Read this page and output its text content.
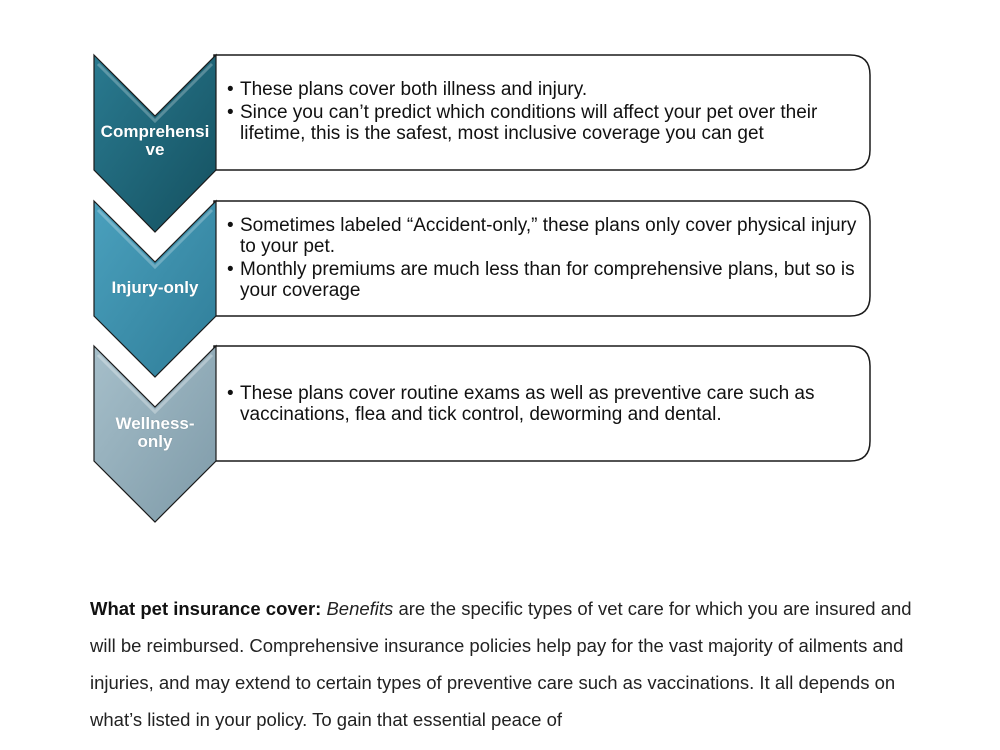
Comprehensi ve
Injury-only
Wellness-only
• These plans cover both illness and injury.
• Since you can’t predict which conditions will affect your pet over their lifetime, this is the safest, most inclusive coverage you can get
• Sometimes labeled “Accident-only,” these plans only cover physical injury to your pet.
• Monthly premiums are much less than for comprehensive plans, but so is your coverage
• These plans cover routine exams as well as preventive care such as vaccinations, flea and tick control, deworming and dental.

What pet insurance cover: Benefits are the specific types of vet care for which you are insured and will be reimbursed. Comprehensive insurance policies help pay for the vast majority of ailments and injuries, and may extend to certain types of preventive care such as vaccinations. It all depends on what’s listed in your policy. To gain that essential peace of
